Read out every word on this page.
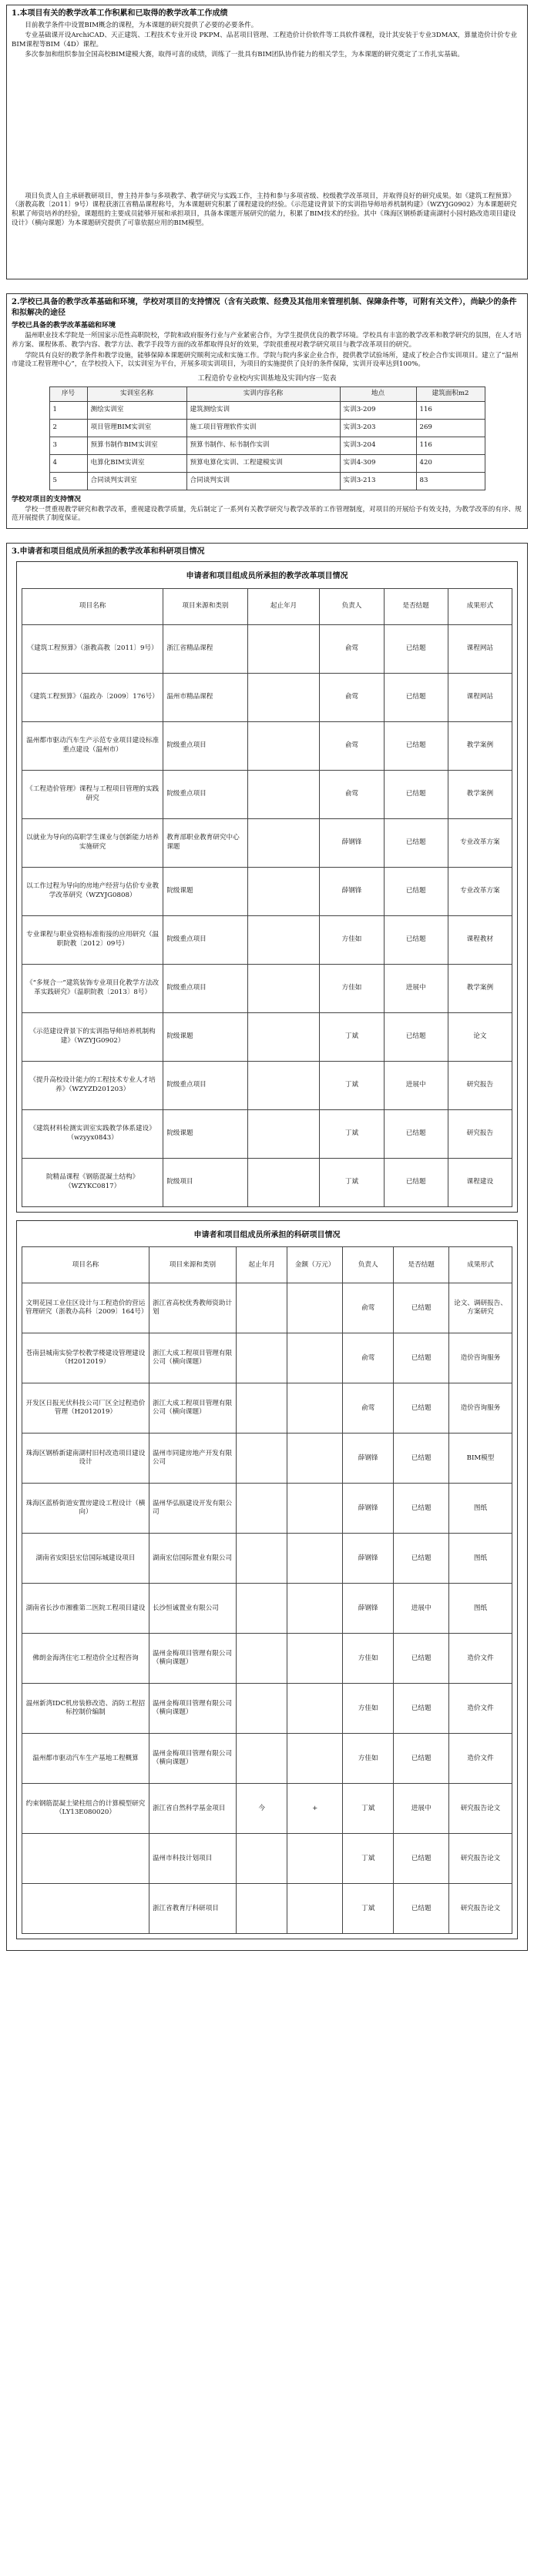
1.本项目有关的教学改革工作积累和已取得的教学改革工作成绩

目前教学条件中设置BIM概念的课程，为本课题的研究提供了必要的必要条件。

专业基础课开设ArchiCAD、天正建筑、工程技术专业开设 PKPM、品茗项目管理、工程造价计价软件等工具软件课程，设计其安装于专业3DMAX，算量造价计价专业BIM课程等BIM（4D）课程。

多次参加和组织参加全国高校BIM建模大赛，取得可喜的成绩，训练了一批具有BIM团队协作能力的相关学生，为本课题的研究奠定了工作扎实基础。

项目负责人自主承研教研项目，曾主持并参与多项教学、教学研究与实践工作，主持和参与多项省级、校级教学改革项目，并取得良好的研究成果。如《建筑工程预算》（浙教高教〔2011〕9号）课程获浙江省精品课程称号，为本课题研究积累了课程建设的经验。《示范建设背景下的实训指导师培养机制构建》（WZYJG0902）为本课题研究积累了师资培养的经验，课题组的主要成员能够开展和承担项目，具备本课题开展研究的能力，积累了BIM技术的经验。其中《珠海区钢桥新建南湖村小园村路改造项目建设设计》（横向课题）为本课题研究提供了可靠依据应用的BIM模型。

2.学校已具备的教学改革基础和环境，学校对项目的支持情况（含有关政策、经费及其他用来管理机制、保障条件等，可附有关文件），尚缺少的条件和拟解决的途径
学校已具备的教学改革基础和环境

温州职业技术学院是一所国家示范性高职院校，学院和政府服务行业与产业紧密合作，为学生提供优良的教学环境。学校具有丰富的教学改革和教学研究的氛围，在人才培养方案、课程体系、教学内容、教学方法、教学手段等方面的改革都取得良好的效果，学院很重视对教学研究项目与教学改革项目的研究。

学院具有良好的教学条件和教学设施，能够保障本课题研究顺利完成和实施工作。学院与院内多家企业合作，提供教学试验场所，建成了校企合作实训项目。建立了“温州市建设工程管理中心”，在学校投入下，以实训室为平台，开展多项实训项目，为项目的实施提供了良好的条件保障，实训开设率达到100%。

工程造价专业校内实训基地及实训内容一览表
序号	实训室名称	实训内容名称	地点	建筑面积m2
1	测绘实训室	建筑测绘实训	实训3-209	116
2	项目管理BIM实训室	施工项目管理软件实训	实训3-203	269
3	预算书制作BIM实训室	预算书制作、标书制作实训	实训3-204	116
4	电算化BIM实训室	预算电算化实训、工程建模实训	实训4-309	420
5	合同谈判实训室	合同谈判实训	实训3-213	83
学校对项目的支持情况

学校一贯重视教学研究和教学改革，重视建设教学质量，先后制定了一系列有关教学研究与教学改革的工作管理制度，对项目的开展给予有效支持，为教学改革的有序、规范开展提供了制度保证。

3.申请者和项目组成员所承担的教学改革和科研项目情况
申请者和项目组成员所承担的教学改革项目情况
项目名称	项目来源和类别	起止年月	负责人	是否结题	成果形式
《建筑工程预算》（浙教高教〔2011〕9号）	浙江省精品课程		俞莺	已结题	课程网站
《建筑工程预算》（温政办〔2009〕176号）	温州市精品课程		俞莺	已结题	课程网站
温州都市驱动汽车生产示范专业项目建设标准重点建设（温州市）	院级重点项目		俞莺	已结题	教学案例
《工程造价管理》课程与工程项目管理的实践研究	院级重点项目		俞莺	已结题	教学案例
以就业为导向的高职学生课业与创新能力培养实施研究	教育部职业教育研究中心课题		薛钢锋	已结题	专业改革方案
以工作过程为导向的房地产经营与估价专业教学改革研究（WZYJG0808）	院级课题		薛钢锋	已结题	专业改革方案
专业课程与职业资格标准衔接的应用研究（温职院教〔2012〕09号）	院级重点项目		方佳如	已结题	课程教材
《“多规合一”建筑装饰专业项目化教学方法改革实践研究》（温职院教〔2013〕8号）	院级重点项目		方佳如	进展中	教学案例
《示范建设背景下的实训指导师培养机制构建》（WZYJG0902）	院级课题		丁斌	已结题	论文
《提升高校设计能力的工程技术专业人才培养》（WZYZD201203）	院级重点项目		丁斌	进展中	研究报告
《建筑材料检测实训室实践教学体系建设》（wzyyx0843）	院级课题		丁斌	已结题	研究报告
院精品课程《钢筋混凝土结构》（WZYKC0817）	院级项目		丁斌	已结题	课程建设
申请者和项目组成员所承担的科研项目情况
项目名称	项目来源和类别	起止年月	金额（万元）	负责人	是否结题	成果形式
文明花园工业住区设计与工程造价的营运管理研究（浙教办高科〔2009〕164号）	浙江省高校优秀教师资助计划			俞莺	已结题	论文、调研报告、方案研究
苍南县城南实验学校教学楼建设管理建设（H2012019）	浙江大成工程项目管理有限公司（横向课题）			俞莺	已结题	造价咨询服务
开发区日报光伏科技公司厂区全过程造价管理（H2012019）	浙江大成工程项目管理有限公司（横向课题）			俞莺	已结题	造价咨询服务
珠海区钢桥新建南湖村旧村改造项目建设设计	温州市同建房地产开发有限公司			薛钢锋	已结题	BIM模型
珠海区蓝桥街道安置房建设工程设计（横向）	温州华弘瓯建设开发有限公司			薛钢锋	已结题	图纸
湖南省安阳县宏信国际城建设项目	湖南宏信国际置业有限公司			薛钢锋	已结题	图纸
湖南省长沙市湘雅第二医院工程项目建设	长沙恒诚置业有限公司			薛钢锋	进展中	图纸
佛朗金海湾住宅工程造价全过程咨询	温州金梅项目管理有限公司（横向课题）			方佳如	已结题	造价文件
温州新湾IDC机房装修改造、消防工程招标控制价编制	温州金梅项目管理有限公司（横向课题）			方佳如	已结题	造价文件
温州都市驱动汽车生产基地工程概算	温州金梅项目管理有限公司（横向课题）			方佳如	已结题	造价文件
约束钢筋混凝土梁柱组合的计算模型研究（LY13E080020）	浙江省自然科学基金项目	今	+	丁斌	进展中	研究报告论文
	温州市科技计划项目			丁斌	已结题	研究报告论文
	浙江省教育厅科研项目			丁斌	已结题	研究报告论文
